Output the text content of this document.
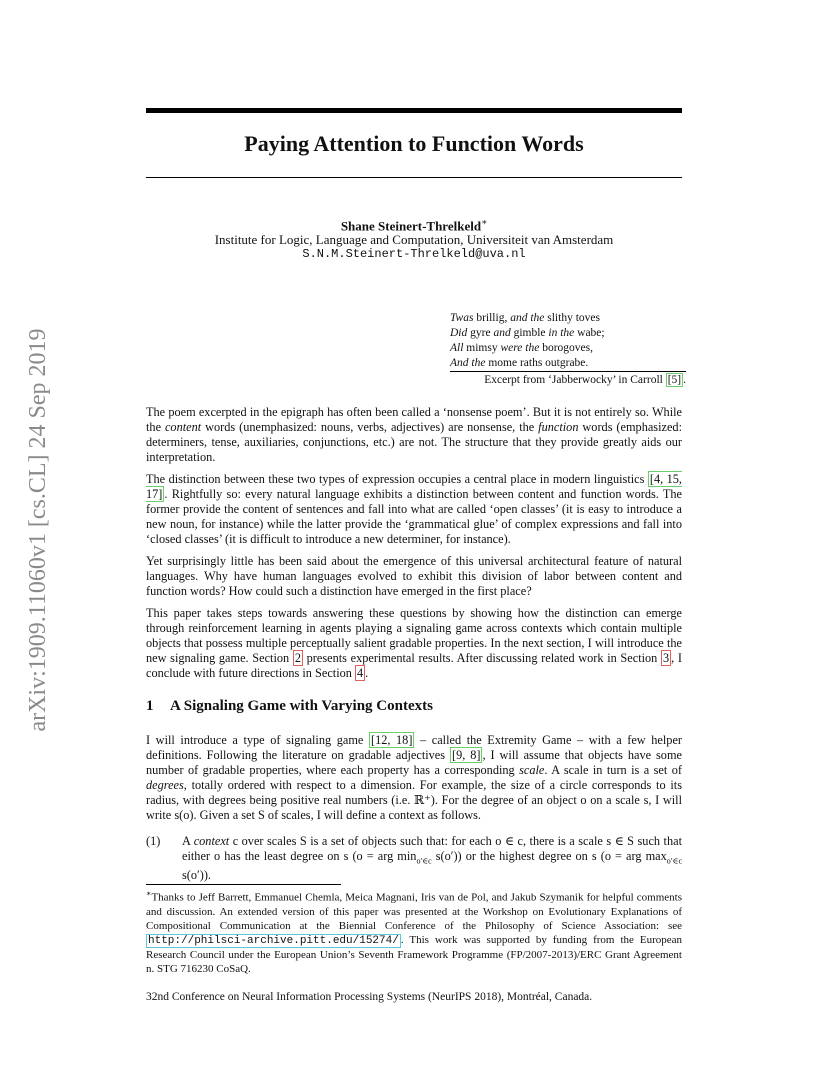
arXiv:1909.11060v1 [cs.CL] 24 Sep 2019
Paying Attention to Function Words
Shane Steinert-Threlkeld∗
Institute for Logic, Language and Computation, Universiteit van Amsterdam
S.N.M.Steinert-Threlkeld@uva.nl
Twas brillig, and the slithy toves
Did gyre and gimble in the wabe;
All mimsy were the borogoves,
And the mome raths outgrabe.
Excerpt from ‘Jabberwocky’ in Carroll [5] .
The poem excerpted in the epigraph has often been called a ‘nonsense poem’. But it is not entirely so. While the content words (unemphasized: nouns, verbs, adjectives) are nonsense, the function words (emphasized: determiners, tense, auxiliaries, conjunctions, etc.) are not. The structure that they provide greatly aids our interpretation.
The distinction between these two types of expression occupies a central place in modern linguistics [4, 15, 17] . Rightfully so: every natural language exhibits a distinction between content and function words. The former provide the content of sentences and fall into what are called ‘open classes’ (it is easy to introduce a new noun, for instance) while the latter provide the ‘grammatical glue’ of complex expressions and fall into ‘closed classes’ (it is difficult to introduce a new determiner, for instance).
Yet surprisingly little has been said about the emergence of this universal architectural feature of natural languages. Why have human languages evolved to exhibit this division of labor between content and function words? How could such a distinction have emerged in the first place?
This paper takes steps towards answering these questions by showing how the distinction can emerge through reinforcement learning in agents playing a signaling game across contexts which contain multiple objects that possess multiple perceptually salient gradable properties. In the next section, I will introduce the new signaling game. Section 2 presents experimental results. After discussing related work in Section 3 , I conclude with future directions in Section 4 .
1 A Signaling Game with Varying Contexts
I will introduce a type of signaling game [12, 18] – called the Extremity Game – with a few helper definitions. Following the literature on gradable adjectives [9, 8] , I will assume that objects have some number of gradable properties, where each property has a corresponding scale. A scale in turn is a set of degrees, totally ordered with respect to a dimension. For example, the size of a circle corresponds to its radius, with degrees being positive real numbers (i.e. ℝ⁺). For the degree of an object o on a scale s, I will write s(o). Given a set S of scales, I will define a context as follows.
(1) A context c over scales S is a set of objects such that: for each o ∈ c, there is a scale s ∈ S such that either o has the least degree on s (o = arg $\min_{o'\in c} s(o')$) or the highest degree on s (o = arg $\max_{o'\in c} s(o')$).
∗Thanks to Jeff Barrett, Emmanuel Chemla, Meica Magnani, Iris van de Pol, and Jakub Szymanik for helpful comments and discussion. An extended version of this paper was presented at the Workshop on Evolutionary Explanations of Compositional Communication at the Biennial Conference of the Philosophy of Science Association: see http://philsci-archive.pitt.edu/15274/ . This work was supported by funding from the European Research Council under the European Union’s Seventh Framework Programme (FP/2007-2013)/ERC Grant Agreement n. STG 716230 CoSaQ.
32nd Conference on Neural Information Processing Systems (NeurIPS 2018), Montréal, Canada.
